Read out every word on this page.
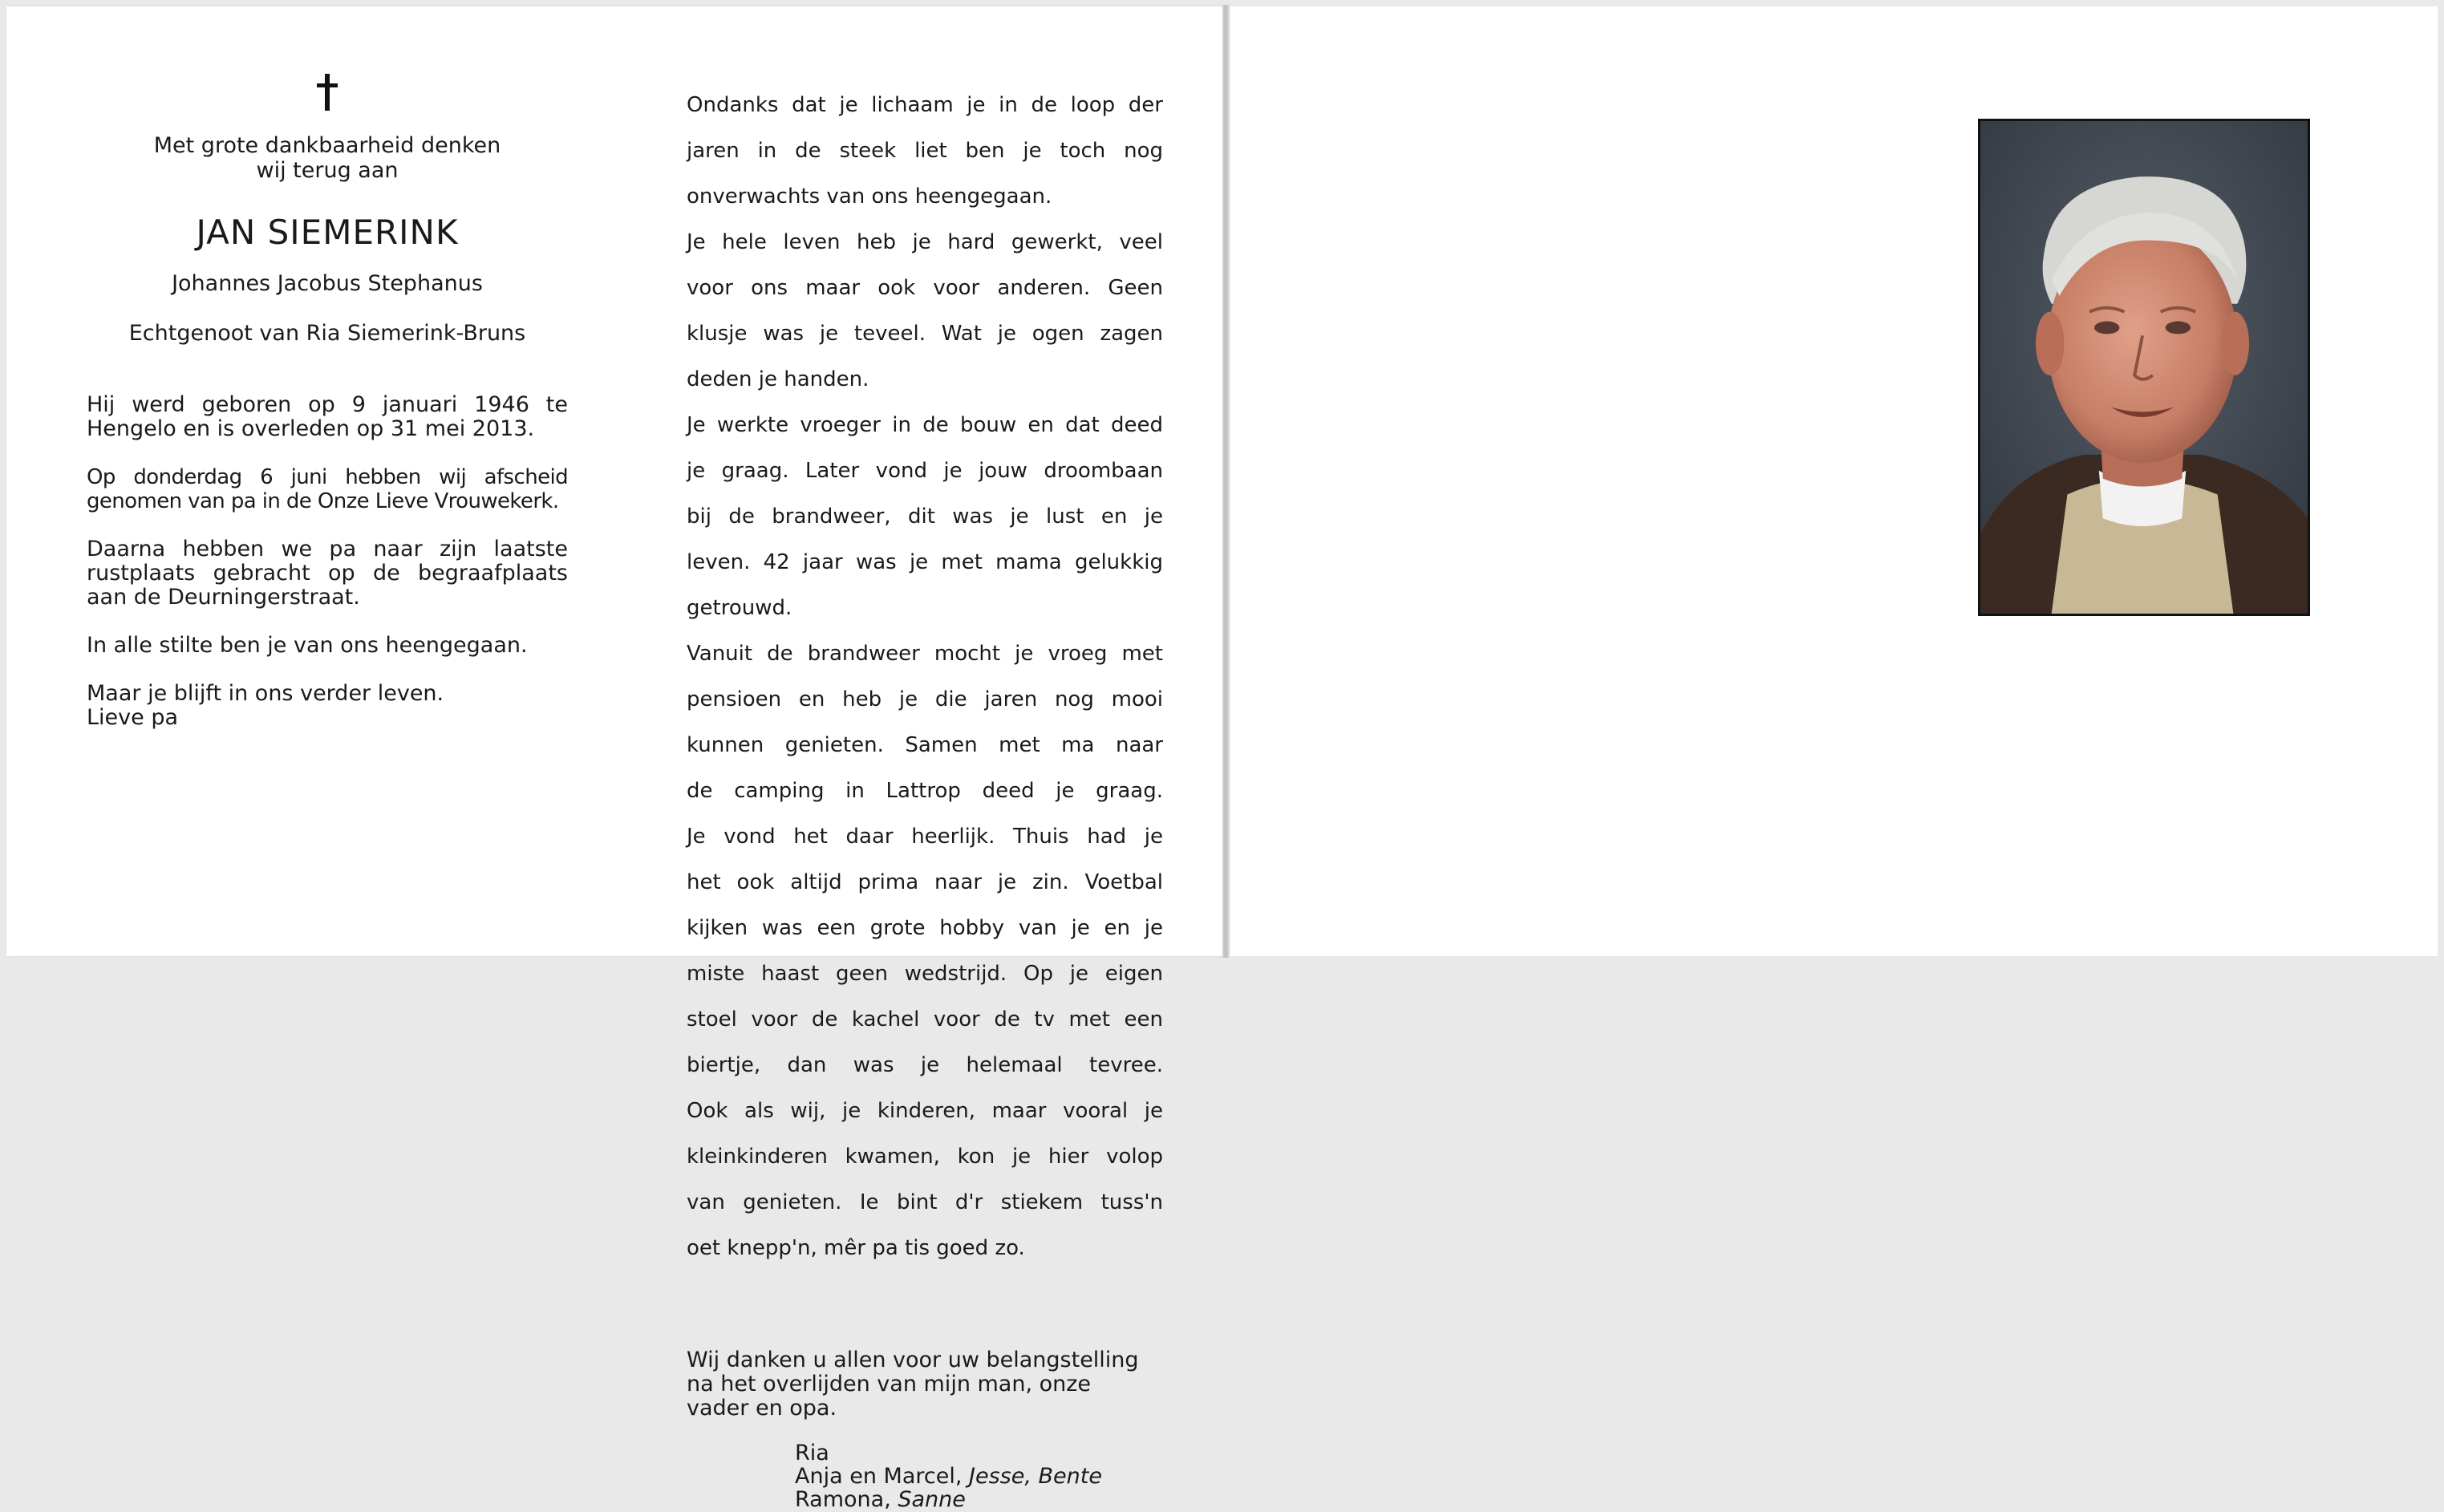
Met grote dankbaarheid denken
wij terug aan
JAN SIEMERINK
Johannes Jacobus Stephanus
Echtgenoot van Ria Siemerink-Bruns

Hij werd geboren op 9 januari 1946 te Hengelo en is overleden op 31 mei 2013.

Op donderdag 6 juni hebben wij afscheid genomen van pa in de Onze Lieve Vrouwekerk.

Daarna hebben we pa naar zijn laatste rustplaats gebracht op de begraafplaats aan de Deurningerstraat.

In alle stilte ben je van ons heengegaan.

Maar je blijft in ons verder leven.

Lieve pa

Ondanks dat je lichaam je in de loop der

jaren in de steek liet ben je toch nog

onverwachts van ons heengegaan.

Je hele leven heb je hard gewerkt, veel

voor ons maar ook voor anderen. Geen

klusje was je teveel. Wat je ogen zagen

deden je handen.

Je werkte vroeger in de bouw en dat deed

je graag. Later vond je jouw droombaan

bij de brandweer, dit was je lust en je

leven. 42 jaar was je met mama gelukkig

getrouwd.

Vanuit de brandweer mocht je vroeg met

pensioen en heb je die jaren nog mooi

kunnen genieten. Samen met ma naar

de camping in Lattrop deed je graag.

Je vond het daar heerlijk. Thuis had je

het ook altijd prima naar je zin. Voetbal

kijken was een grote hobby van je en je

miste haast geen wedstrijd. Op je eigen

stoel voor de kachel voor de tv met een

biertje, dan was je helemaal tevree.

Ook als wij, je kinderen, maar vooral je

kleinkinderen kwamen, kon je hier volop

van genieten. Ie bint d'r stiekem tuss'n

oet knepp'n, mêr pa tis goed zo.

Wij danken u allen voor uw belangstelling
na het overlijden van mijn man, onze
vader en opa.
Ria
Anja en Marcel, Jesse, Bente
Ramona, Sanne
